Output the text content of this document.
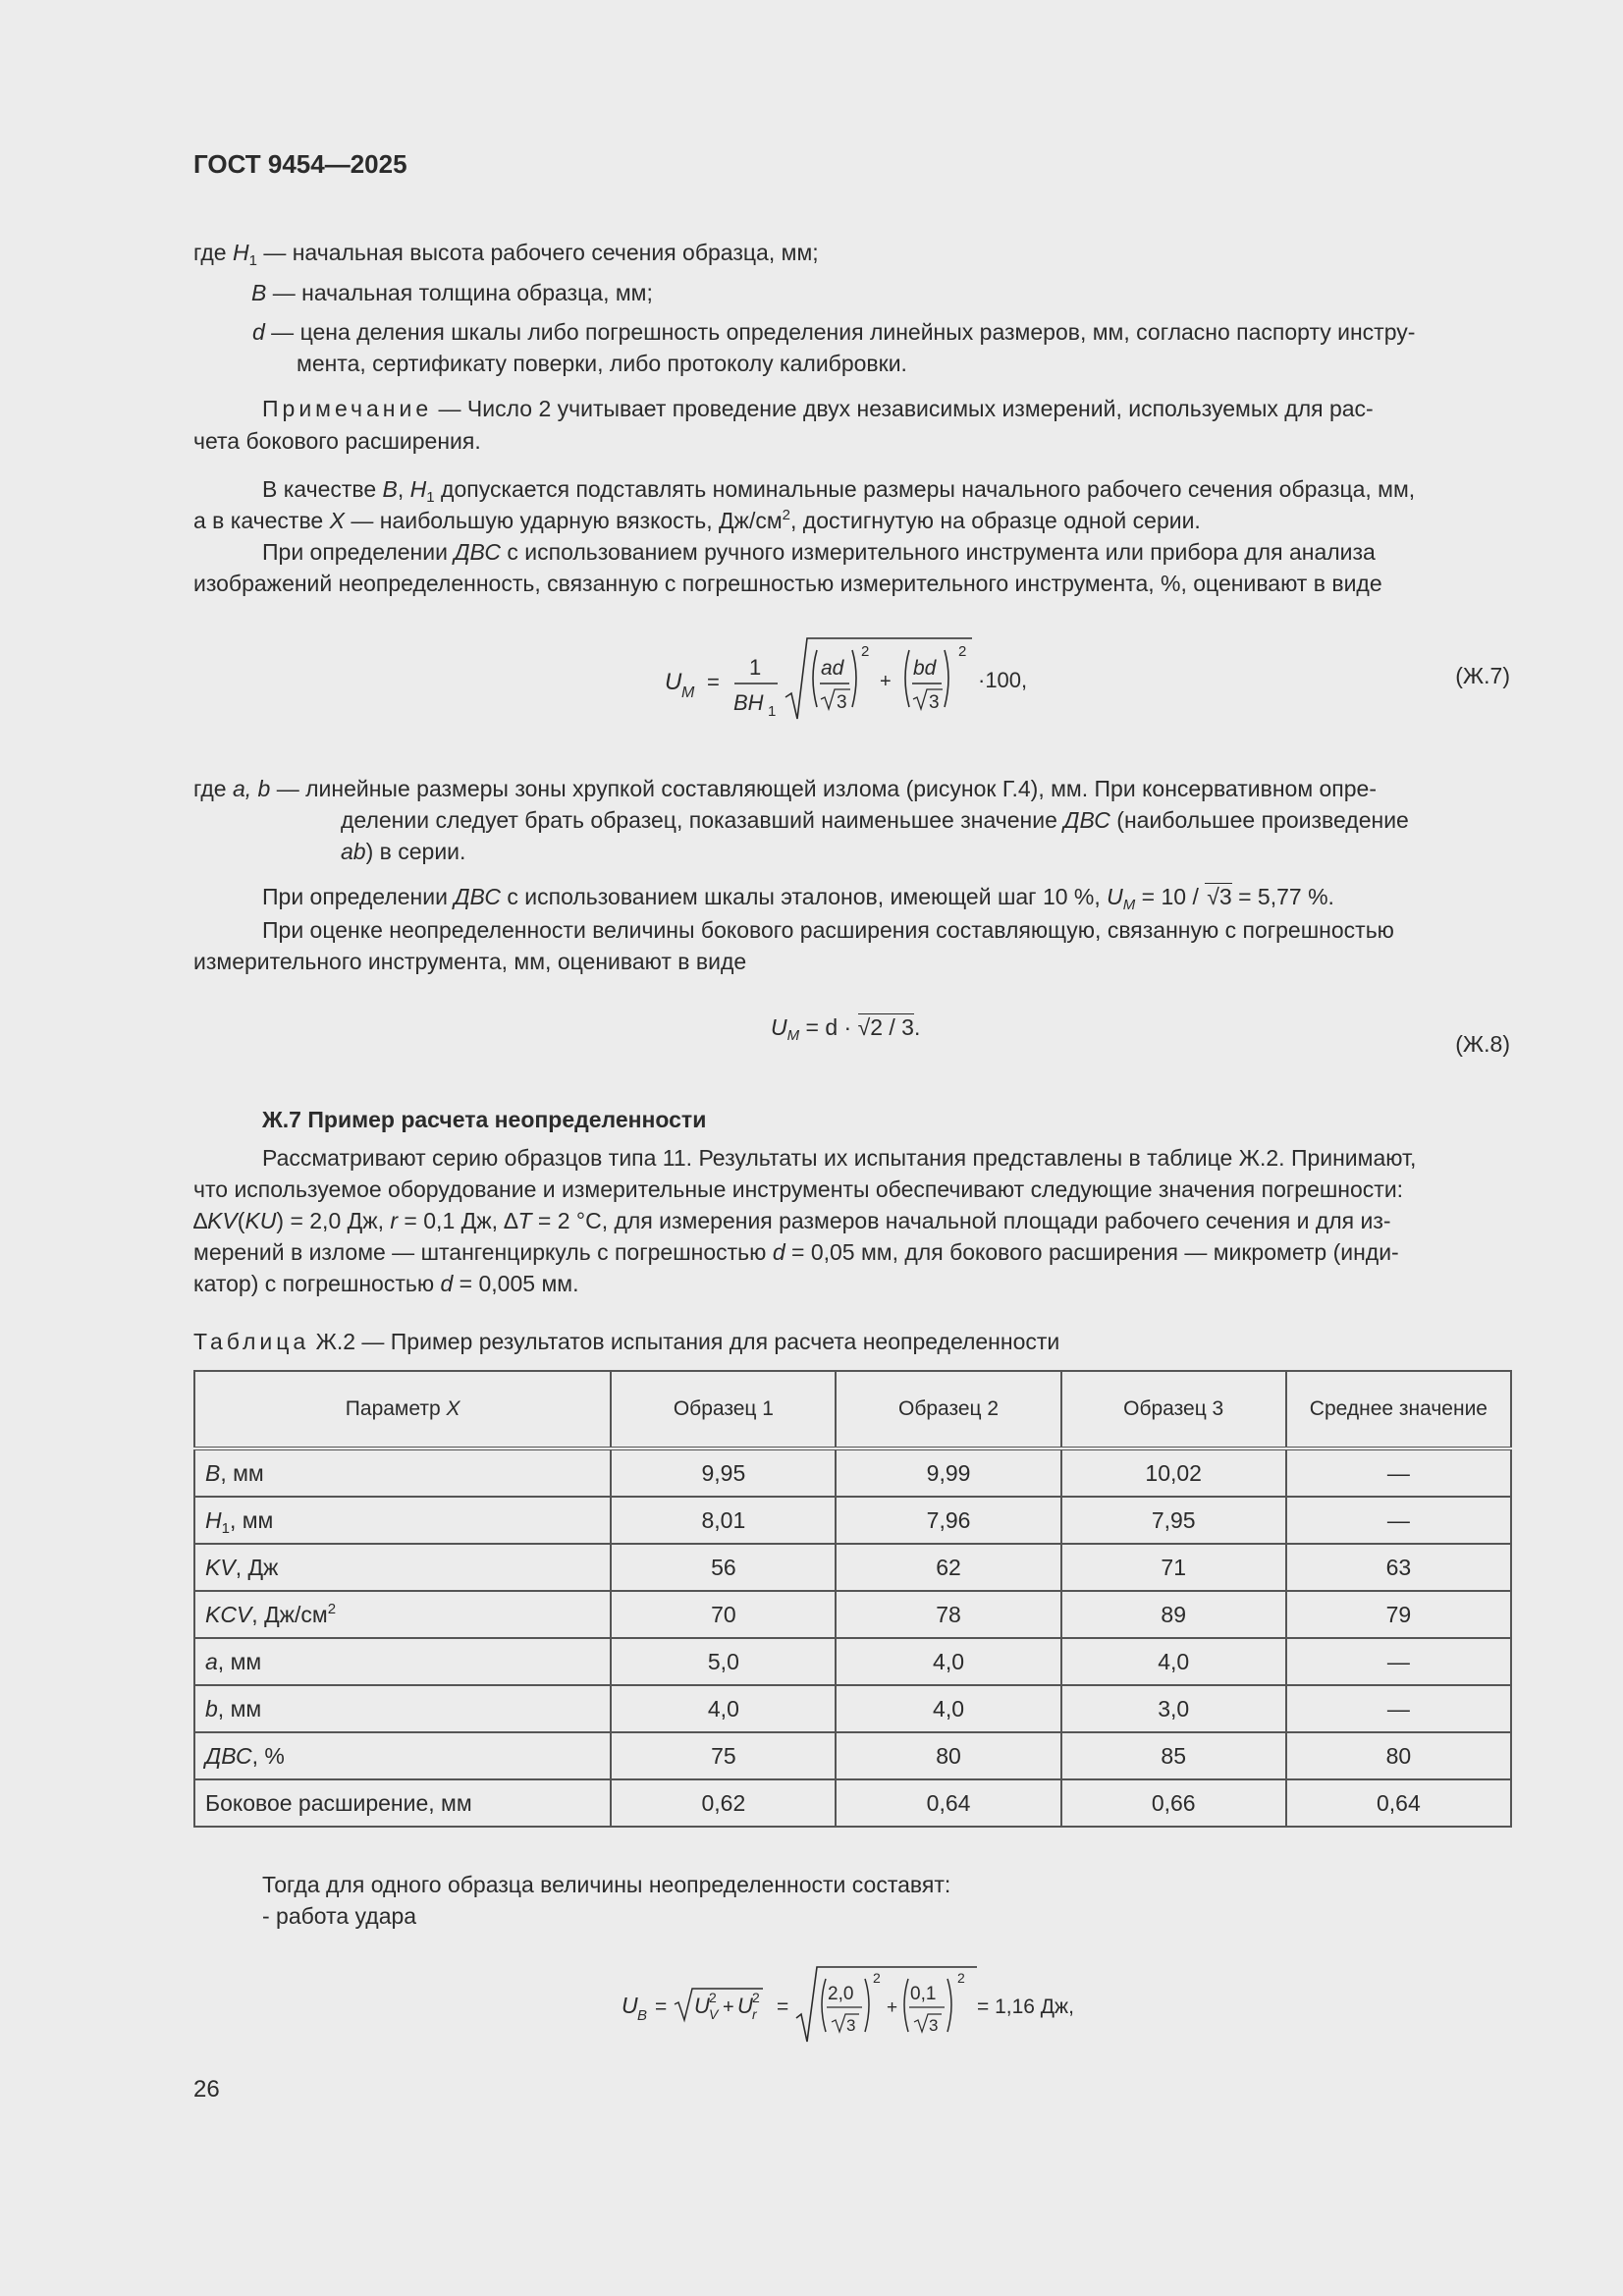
ГОСТ 9454—2025
где $H_1$ — начальная высота рабочего сечения образца, мм;
B — начальная толщина образца, мм;
d — цена деления шкалы либо погрешность определения линейных размеров, мм, согласно паспорту инстру-
мента, сертификату поверки, либо протоколу калибровки.
Примечание — Число 2 учитывает проведение двух независимых измерений, используемых для рас-
чета бокового расширения.
В качестве B, $H_1$ допускается подставлять номинальные размеры начального рабочего сечения образца, мм,
а в качестве X — наибольшую ударную вязкость, $Дж/см^2$, достигнутую на образце одной серии.
При определении ДВС с использованием ручного измерительного инструмента или прибора для анализа
изображений неопределенность, связанную с погрешностью измерительного инструмента, %, оценивают в виде
U M =
1
BH 1
ad
3
2
+
bd
3
2
·100,	(Ж.7)
где a, b — линейные размеры зоны хрупкой составляющей излома (рисунок Г.4), мм. При консервативном опре-
делении следует брать образец, показавший наименьшее значение ДВС (наибольшее произведение
ab) в серии.
При определении ДВС с использованием шкалы эталонов, имеющей шаг 10 %, $U_M = 10 / √3 = 5,77$ %.
При оценке неопределенности величины бокового расширения составляющую, связанную с погрешностью
измерительного инструмента, мм, оценивают в виде
$U_M = d \cdot √2 / 3$.
(Ж.8)
Ж.7 Пример расчета неопределенности
Рассматривают серию образцов типа 11. Результаты их испытания представлены в таблице Ж.2. Принимают,
что используемое оборудование и измерительные инструменты обеспечивают следующие значения погрешности:
∆KV(KU) = 2,0 Дж, r = 0,1 Дж, ∆T = 2 °C, для измерения размеров начальной площади рабочего сечения и для из-
мерений в изломе — штангенциркуль с погрешностью d = 0,05 мм, для бокового расширения — микрометр (инди-
катор) с погрешностью d = 0,005 мм.
Таблица Ж.2 — Пример результатов испытания для расчета неопределенности
Параметр X	Образец 1	Образец 2	Образец 3	Среднее значение
B, мм	9,95	9,99	10,02	—
$H_1$, мм	8,01	7,96	7,95	—
KV, Дж	56	62	71	63
KCV, $Дж/см^2$	70	78	89	79
a, мм	5,0	4,0	4,0	—
b, мм	4,0	4,0	3,0	—
ДВС, %	75	80	85	80
Боковое расширение, мм	0,62	0,64	0,66	0,64
Тогда для одного образца величины неопределенности составят:
- работа удара
U B = U 2
V + U 2
r =
2,0
3
2
+
0,1
3
2
= 1,16 Дж,
26
